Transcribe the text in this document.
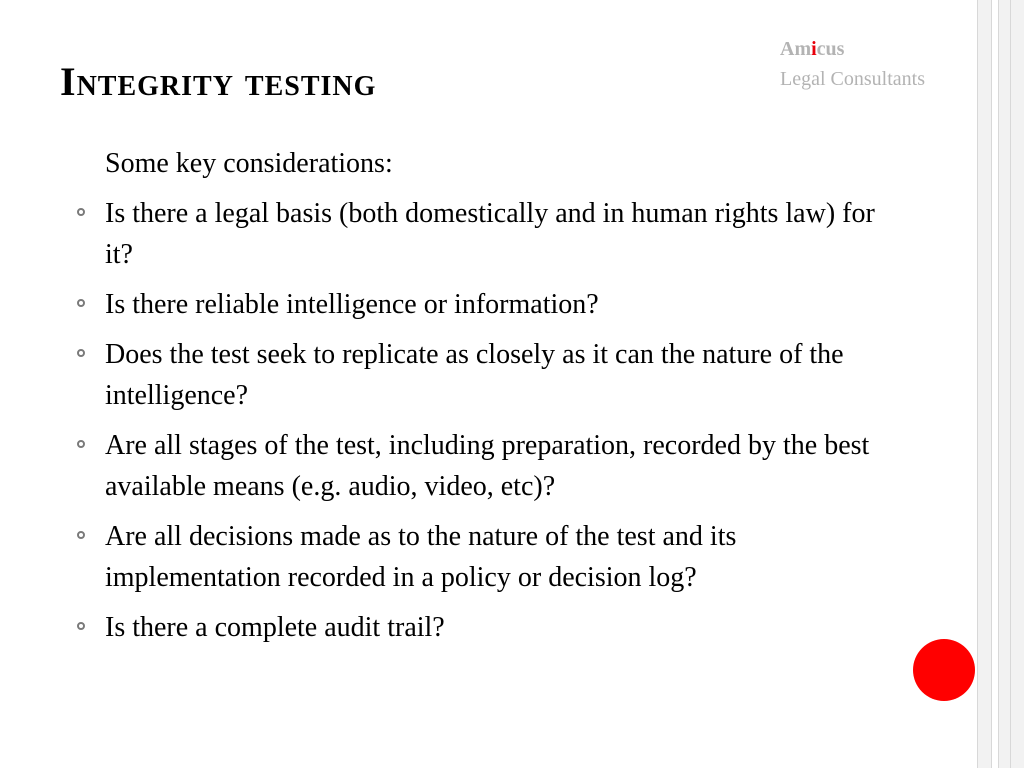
Integrity testing
Amicus
Legal Consultants
Some key considerations:
Is there a legal basis (both domestically and in human rights law) for it?
Is there reliable intelligence or information?
Does the test seek to replicate as closely as it can the nature of the intelligence?
Are all stages of the test, including preparation, recorded by the best available means (e.g. audio, video, etc)?
Are all decisions made as to the nature of the test and its implementation recorded in a policy or decision log?
Is there a complete audit trail?
